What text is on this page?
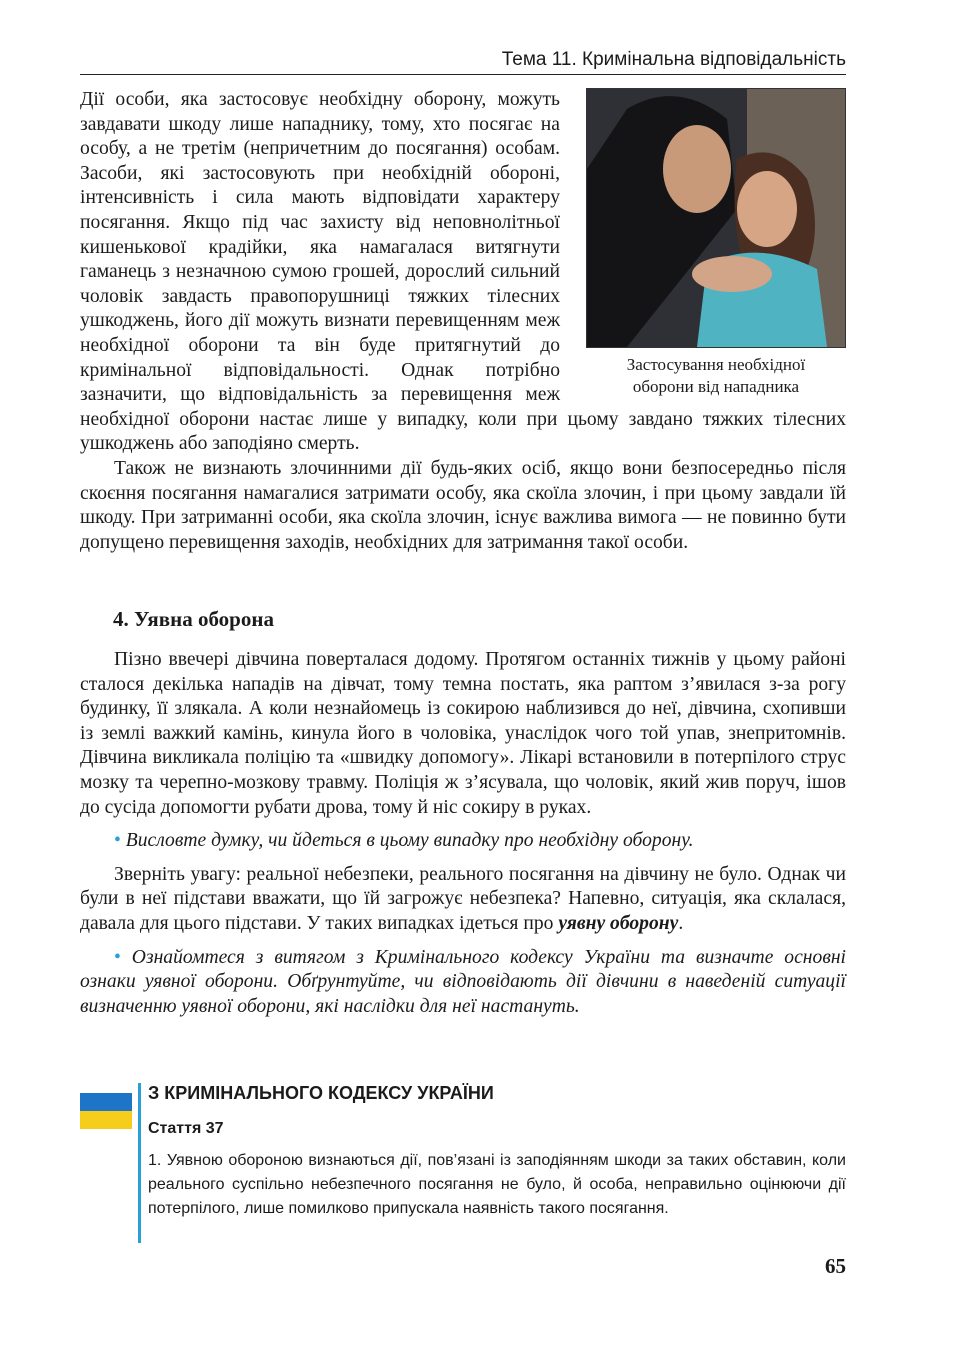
Тема 11. Кримінальна відповідальність
Застосування необхідної
оборони від нападника

Дії особи, яка застосовує необхідну оборону, можуть завдавати шкоду лише нападнику, тому, хто посягає на особу, а не третім (непричетним до посягання) особам. Засоби, які застосовують при необхідній обороні, інтенсивність і сила мають відповідати характеру посягання. Якщо під час захисту від неповнолітньої кишенькової крадійки, яка намагалася витягнути гаманець з незначною сумою грошей, дорослий сильний чоловік завдасть правопорушниці тяжких тілесних ушкоджень, його дії можуть визнати перевищенням меж необхідної оборони та він буде притягнутий до кримінальної відповідальності. Однак потрібно зазначити, що відповідальність за перевищення меж необхідної оборони настає лише у випадку, коли при цьому завдано тяжких тілесних ушкоджень або заподіяно смерть.

Також не визнають злочинними дії будь-яких осіб, якщо вони безпосередньо після скоєння посягання намагалися затримати особу, яка скоїла злочин, і при цьому завдали їй шкоду. При затриманні особи, яка скоїла злочин, існує важлива вимога — не повинно бути допущено перевищення заходів, необхідних для затримання такої особи.

4. Уявна оборона

Пізно ввечері дівчина поверталася додому. Протягом останніх тижнів у цьому районі сталося декілька нападів на дівчат, тому темна постать, яка раптом з’явилася з-за рогу будинку, її злякала. А коли незнайомець із сокирою наблизився до неї, дівчина, схопивши із землі важкий камінь, кинула його в чоловіка, унаслідок чого той упав, знепритомнів. Дівчина викликала поліцію та «швидку допомогу». Лікарі встановили в потерпілого струс мозку та черепно-мозкову травму. Поліція ж з’ясувала, що чоловік, який жив поруч, ішов до сусіда допомогти рубати дрова, тому й ніс сокиру в руках.

• Висловте думку, чи йдеться в цьому випадку про необхідну оборону.

Зверніть увагу: реальної небезпеки, реального посягання на дівчину не було. Однак чи були в неї підстави вважати, що їй загрожує небезпека? Напевно, ситуація, яка склалася, давала для цього підстави. У таких випадках ідеться про уявну оборону.

• Ознайомтеся з витягом з Кримінального кодексу України та визначте основні ознаки уявної оборони. Обґрунтуйте, чи відповідають дії дівчини в наведеній ситуації визначенню уявної оборони, які наслідки для неї настануть.

З КРИМІНАЛЬНОГО КОДЕКСУ УКРАЇНИ
Стаття 37
1. Уявною обороною визнаються дії, пов’язані із заподіянням шкоди за таких обставин, коли реального суспільно небезпечного посягання не було, й особа, неправильно оцінюючи дії потерпілого, лише помилково припускала наявність такого посягання.
65
